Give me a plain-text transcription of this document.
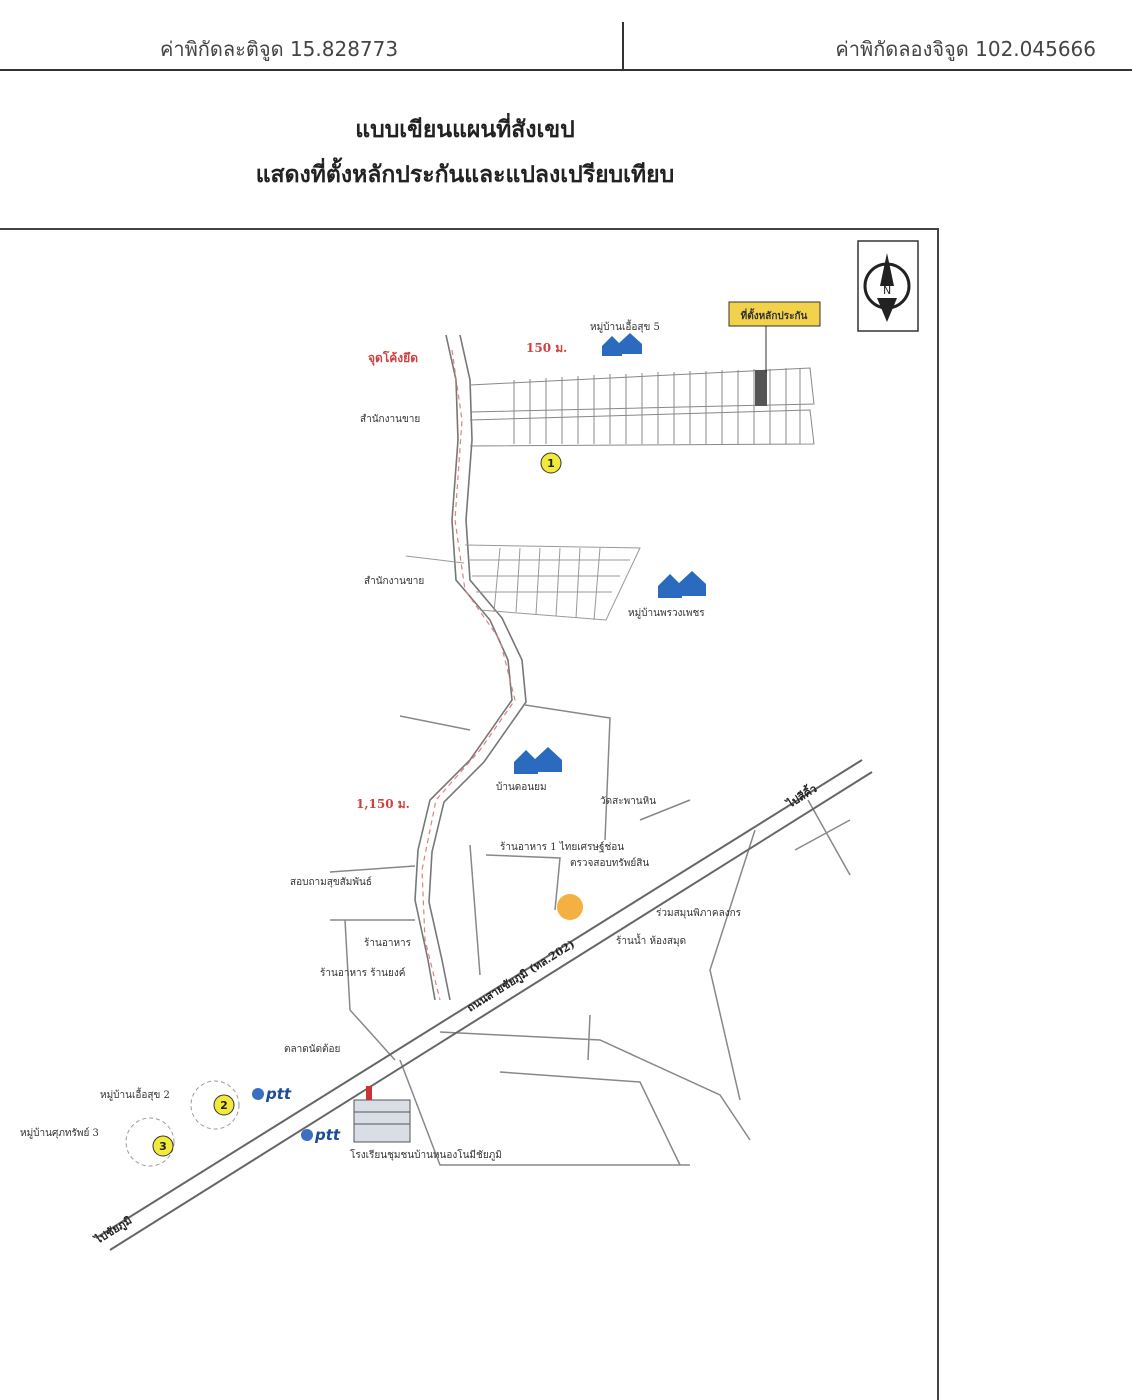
ค่าพิกัดละติจูด 15.828773	ค่าพิกัดลองจิจูด 102.045666
แบบเขียนแผนที่สังเขป
แสดงที่ตั้งหลักประกันและแปลงเปรียบเทียบ
N
ที่ตั้งหลักประกัน
ถนนสายชัยภูมิ (ทล.202)
ไปชัยภูมิ
ไปสีคิ้ว
1
2
3
ptt
ptt
หมู่บ้านเอื้อสุข 5
หมู่บ้านพรวงเพชร
บ้านดอนยม
จุดโค้งยึด
150 ม.
1,150 ม.
สำนักงานขาย
สำนักงานขาย
วัดสะพานหิน
ร้านอาหาร 1 ไทยเศรษฐ์ช่อน
ตรวจสอบทรัพย์สิน
สอบถามสุขสัมพันธ์
ร้านอาหาร
ร้านอาหาร ร้านยงค์
ร่วมสมุนพิภาคลงกร
ร้านน้ำ ห้องสมุด
ตลาดนัดต้อย
หมู่บ้านเอื้อสุข 2
หมู่บ้านศุภทรัพย์ 3
โรงเรียนชุมชนบ้านหนองโนมีชัยภูมิ
